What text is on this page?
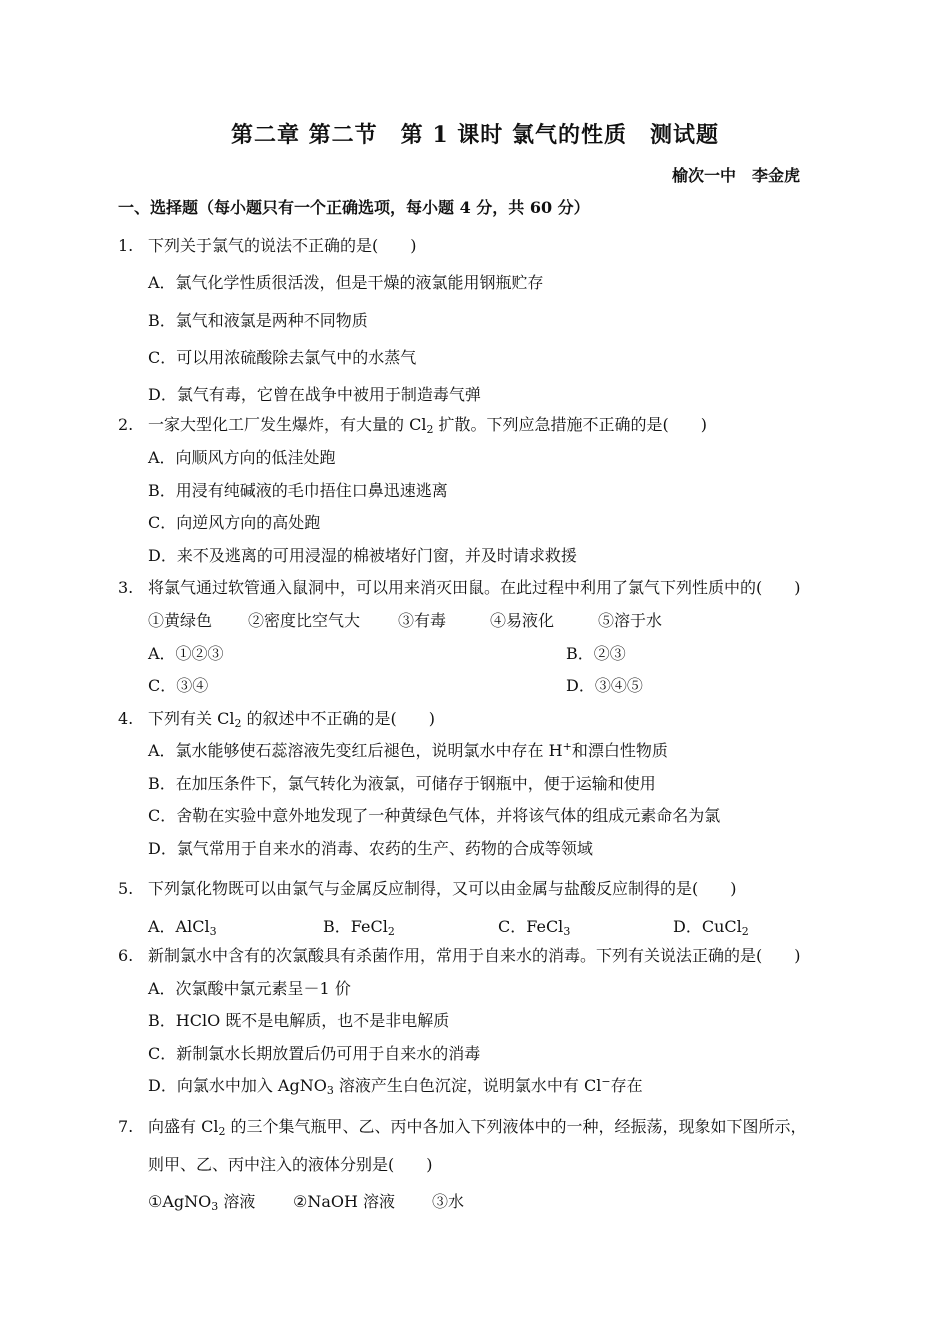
第二章 第二节　第 1 课时 氯气的性质　测试题
榆次一中　李金虎
一、选择题（每小题只有一个正确选项，每小题 4 分，共 60 分）
1. 下列关于氯气的说法不正确的是(　　)
A．氯气化学性质很活泼，但是干燥的液氯能用钢瓶贮存
B．氯气和液氯是两种不同物质
C．可以用浓硫酸除去氯气中的水蒸气
D．氯气有毒，它曾在战争中被用于制造毒气弹
2. 一家大型化工厂发生爆炸，有大量的 $Cl_2$ 扩散。下列应急措施不正确的是(　　)
A．向顺风方向的低洼处跑
B．用浸有纯碱液的毛巾捂住口鼻迅速逃离
C．向逆风方向的高处跑
D．来不及逃离的可用浸湿的棉被堵好门窗，并及时请求救援
3. 将氯气通过软管通入鼠洞中，可以用来消灭田鼠。在此过程中利用了氯气下列性质中的(　　)
①黄绿色 ②密度比空气大 ③有毒	④易液化	⑤溶于水
A．①②③	B．②③
C．③④	D．③④⑤
4. 下列有关 $Cl_2$ 的叙述中不正确的是(　　)
A．氯水能够使石蕊溶液先变红后褪色，说明氯水中存在 H+和漂白性物质
B．在加压条件下，氯气转化为液氯，可储存于钢瓶中，便于运输和使用
C．舍勒在实验中意外地发现了一种黄绿色气体，并将该气体的组成元素命名为氯
D．氯气常用于自来水的消毒、农药的生产、药物的合成等领域
5. 下列氯化物既可以由氯气与金属反应制得，又可以由金属与盐酸反应制得的是(　　)
A．AlCl$_3$	B．FeCl$_2$	C．FeCl$_3$	D．CuCl$_2$
6. 新制氯水中含有的次氯酸具有杀菌作用，常用于自来水的消毒。下列有关说法正确的是(　　)
A．次氯酸中氯元素呈－1 价
B．HClO 既不是电解质，也不是非电解质
C．新制氯水长期放置后仍可用于自来水的消毒
D．向氯水中加入 AgNO$_3$ 溶液产生白色沉淀，说明氯水中有 Cl−存在
7. 向盛有 $Cl_2$ 的三个集气瓶甲、乙、丙中各加入下列液体中的一种，经振荡，现象如下图所示，
则甲、乙、丙中注入的液体分别是(　　)
①AgNO$_3$ 溶液 ②NaOH 溶液 ③水
